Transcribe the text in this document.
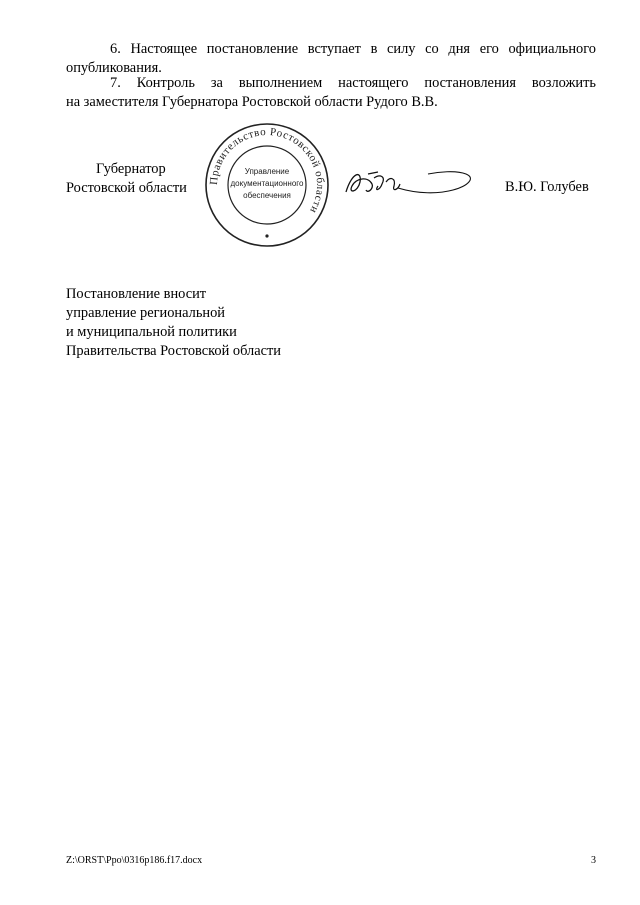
6. Настоящее постановление вступает в силу со дня его официального
опубликования.
7. Контроль за выполнением настоящего постановления возложить
на заместителя Губернатора Ростовской области Рудого В.В.
Губернатор
Ростовской области	Правительство Ростовской области
Управление
документационного
обеспечения
В.Ю. Голубев
Постановление вносит
управление региональной
и муниципальной политики
Правительства Ростовской области
Z:\ORST\Ppo\0316p186.f17.docx	3
